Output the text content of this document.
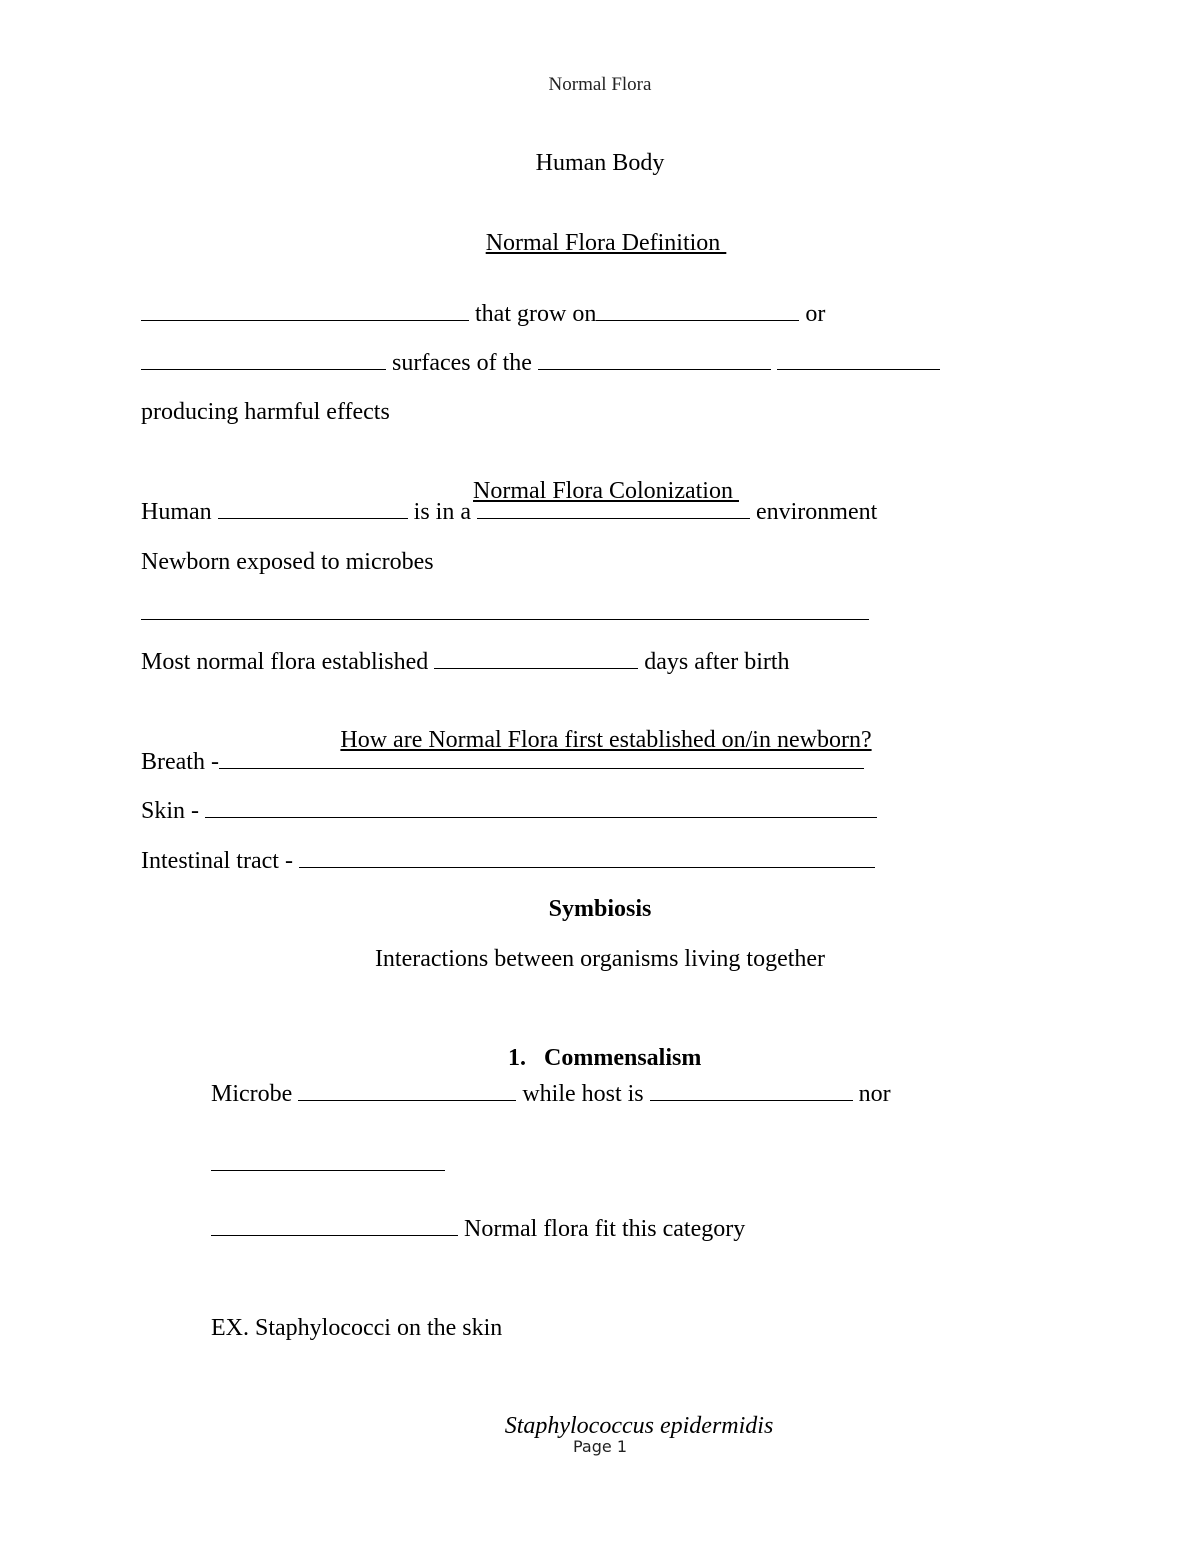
Normal Flora
Human Body

Normal Flora Definition

that grow on	or
surfaces of the
producing harmful effects

Normal Flora Colonization

Human	is in a	environment
Newborn exposed to microbes
Most normal flora established	days after birth

How are Normal Flora first established on/in newborn?

Breath -
Skin -
Intestinal tract -
Symbiosis
Interactions between organisms living together
1. Commensalism
Microbe	while host is	nor
Normal flora fit this category
EX. Staphylococci on the skin

Staphylococcus epidermidis

Page 1
